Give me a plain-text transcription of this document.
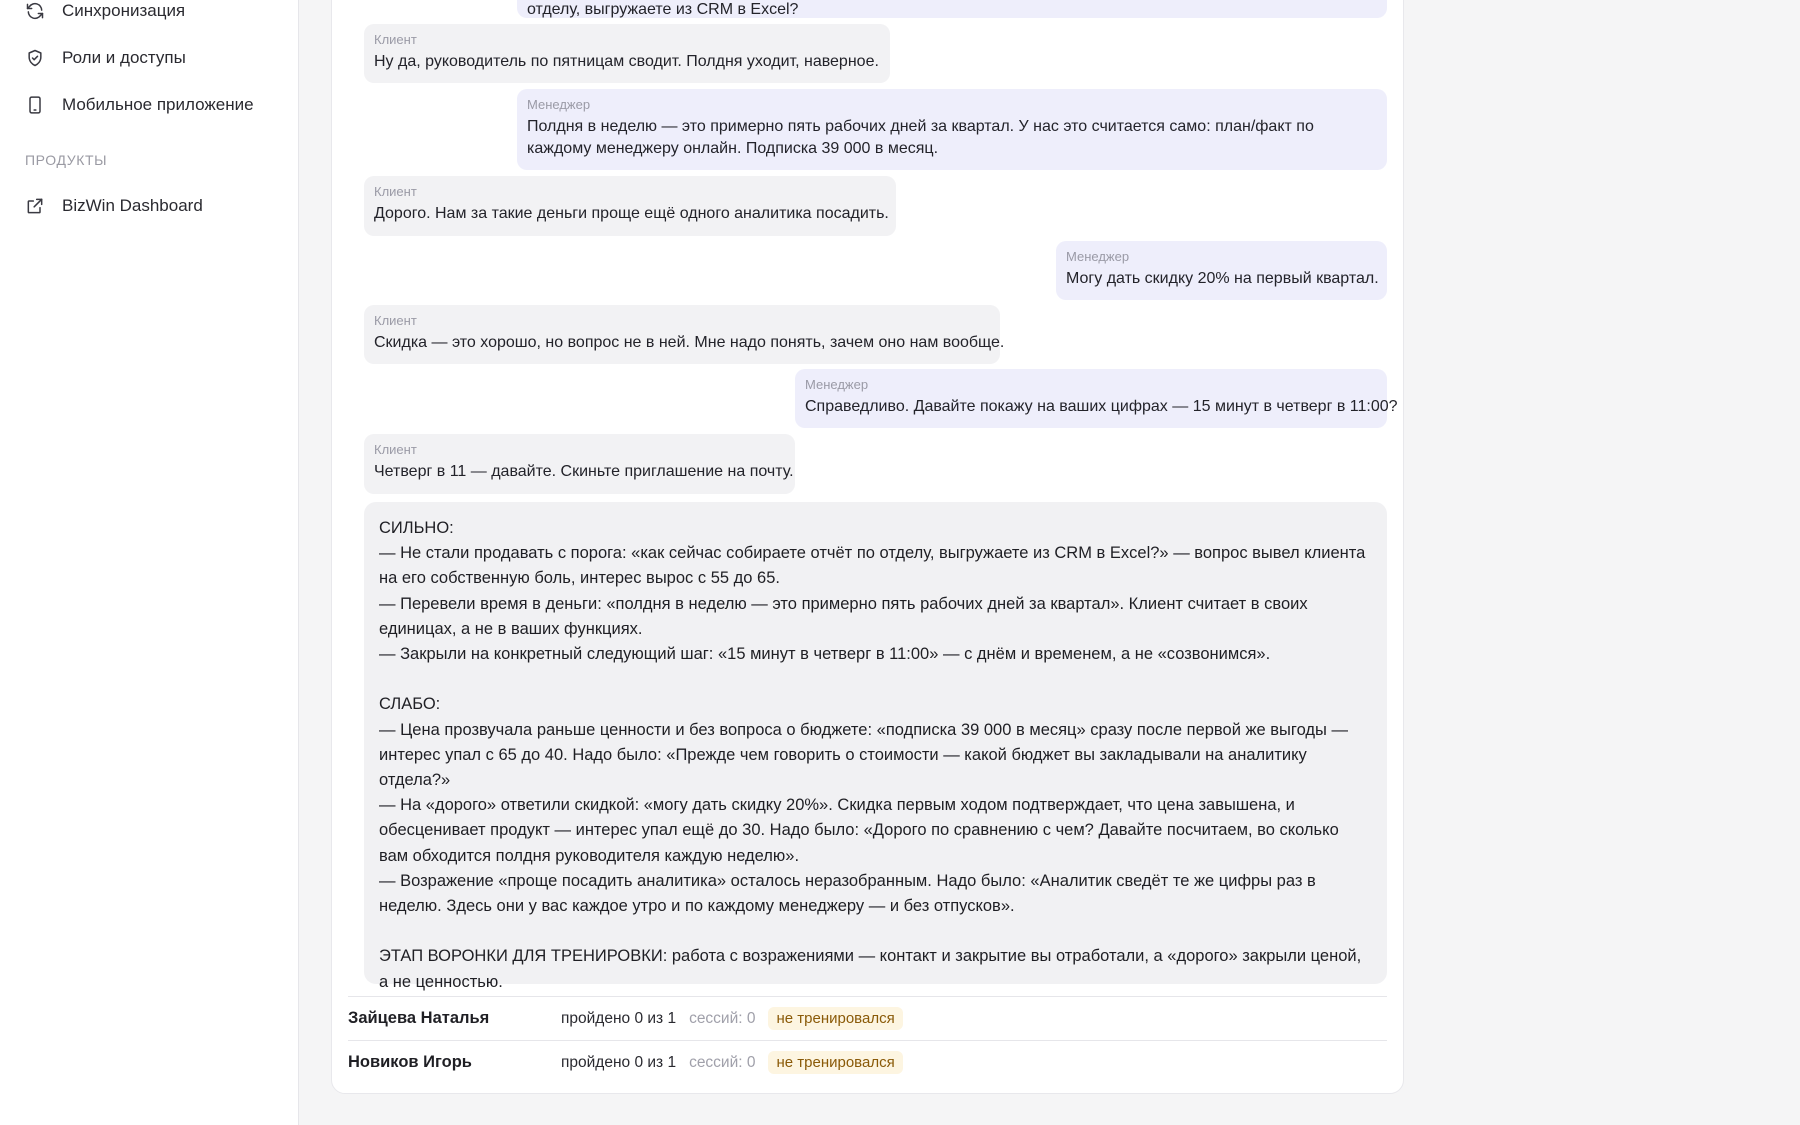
Синхронизация
Роли и доступы
Мобильное приложение
ПРОДУКТЫ
BizWin Dashboard
отделу, выгружаете из CRM в Excel?
Клиент
Ну да, руководитель по пятницам сводит. Полдня уходит, наверное.
Менеджер
Полдня в неделю — это примерно пять рабочих дней за квартал. У нас это считается само: план/факт по каждому менеджеру онлайн. Подписка 39 000 в месяц.
Клиент
Дорого. Нам за такие деньги проще ещё одного аналитика посадить.
Менеджер
Могу дать скидку 20% на первый квартал.
Клиент
Скидка — это хорошо, но вопрос не в ней. Мне надо понять, зачем оно нам вообще.
Менеджер
Справедливо. Давайте покажу на ваших цифрах — 15 минут в четверг в 11:00?
Клиент
Четверг в 11 — давайте. Скиньте приглашение на почту.
СИЛЬНО:
— Не стали продавать с порога: «как сейчас собираете отчёт по отделу, выгружаете из CRM в Excel?» — вопрос вывел клиента на его собственную боль, интерес вырос с 55 до 65.
— Перевели время в деньги: «полдня в неделю — это примерно пять рабочих дней за квартал». Клиент считает в своих единицах, а не в ваших функциях.
— Закрыли на конкретный следующий шаг: «15 минут в четверг в 11:00» — с днём и временем, а не «созвонимся».

СЛАБО:
— Цена прозвучала раньше ценности и без вопроса о бюджете: «подписка 39 000 в месяц» сразу после первой же выгоды — интерес упал с 65 до 40. Надо было: «Прежде чем говорить о стоимости — какой бюджет вы закладывали на аналитику отдела?»
— На «дорого» ответили скидкой: «могу дать скидку 20%». Скидка первым ходом подтверждает, что цена завышена, и обесценивает продукт — интерес упал ещё до 30. Надо было: «Дорого по сравнению с чем? Давайте посчитаем, во сколько вам обходится полдня руководителя каждую неделю».
— Возражение «проще посадить аналитика» осталось неразобранным. Надо было: «Аналитик сведёт те же цифры раз в неделю. Здесь они у вас каждое утро и по каждому менеджеру — и без отпусков».

ЭТАП ВОРОНКИ ДЛЯ ТРЕНИРОВКИ: работа с возражениями — контакт и закрытие вы отработали, а «дорого» закрыли ценой, а не ценностью.
Зайцева Наталья	пройдено 0 из 1 сессий: 0	не тренировался
Новиков Игорь	пройдено 0 из 1 сессий: 0	не тренировался
